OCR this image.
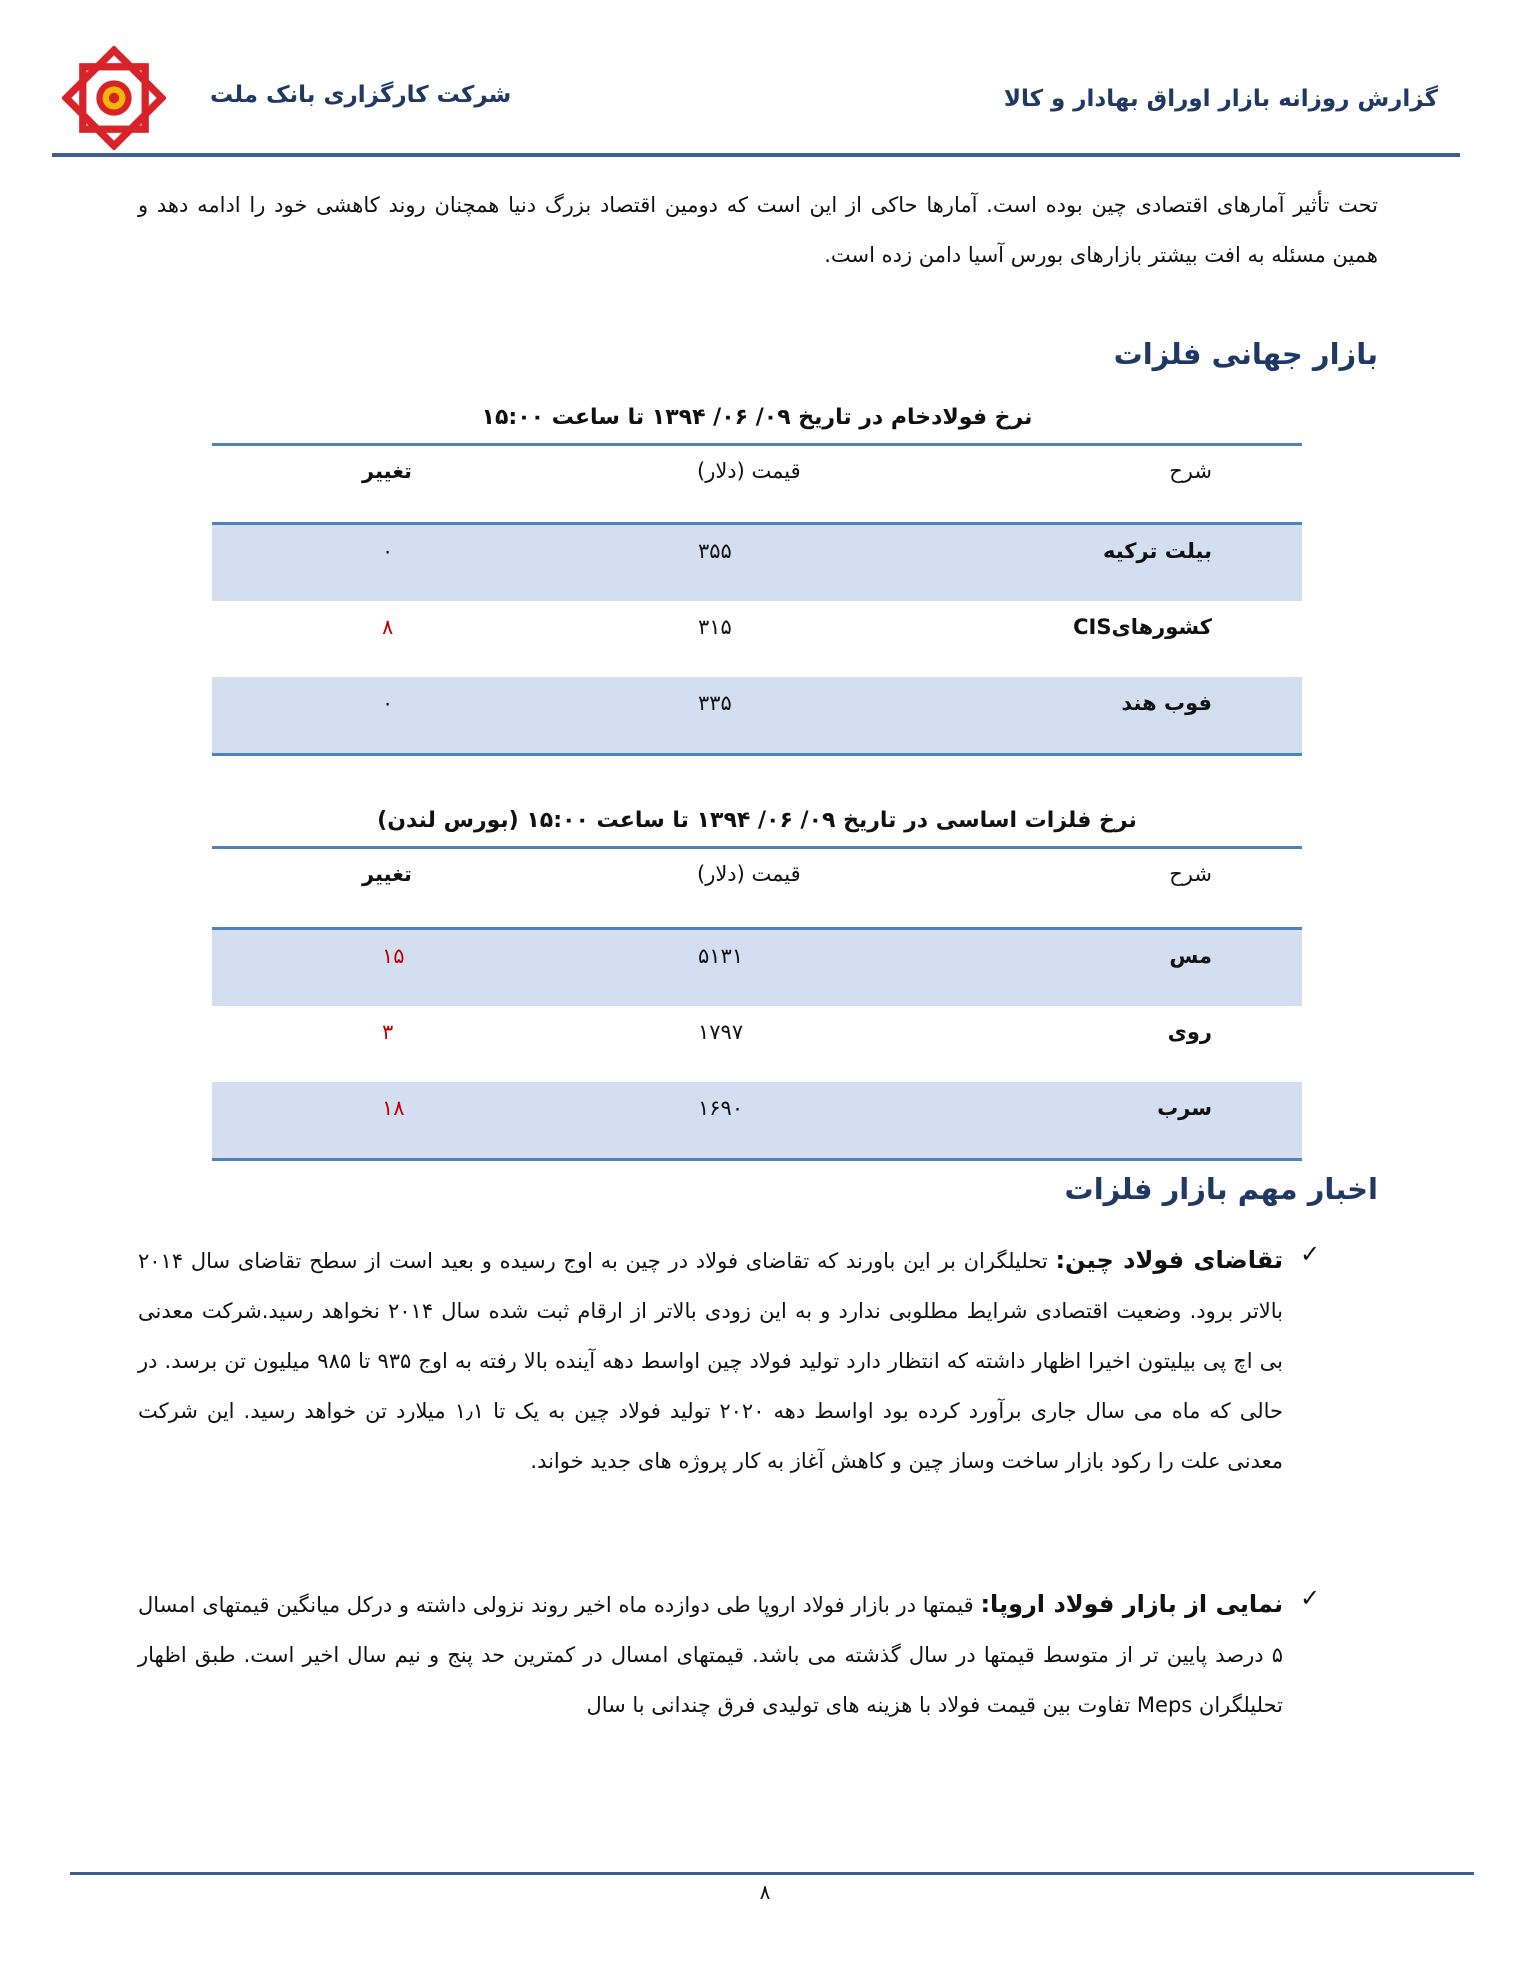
شرکت کارگزاری بانک ملت	گزارش روزانه بازار اوراق بهادار و کالا
تحت تأثیر آمارهای اقتصادی چین بوده است. آمارها حاکی از این است که دومین اقتصاد بزرگ دنیا همچنان روند کاهشی خود را ادامه دهد و همین مسئله به افت بیشتر بازارهای بورس آسیا دامن زده است.
بازار جهانی فلزات
نرخ فولادخام در تاریخ ۰۹/ ۰۶/ ۱۳۹۴ تا ساعت ۱۵:۰۰
شرح
قیمت (دلار)
تغییر
بیلت ترکیه
۳۵۵
۰
کشورهایCIS
۳۱۵
۸
فوب هند
۳۳۵
۰
نرخ فلزات اساسی در تاریخ ۰۹/ ۰۶/ ۱۳۹۴ تا ساعت ۱۵:۰۰ (بورس لندن)
شرح
قیمت (دلار)
تغییر
مس
۵۱۳۱
۱۵
روی
۱۷۹۷
۳
سرب
۱۶۹۰
۱۸
اخبار مهم بازار فلزات
✓
تقاضای فولاد چین: تحلیلگران بر این باورند که تقاضای فولاد در چین به اوج رسیده و بعید است از سطح تقاضای سال ۲۰۱۴ بالاتر برود. وضعیت اقتصادی شرایط مطلوبی ندارد و به این زودی بالاتر از ارقام ثبت شده سال ۲۰۱۴ نخواهد رسید.شرکت معدنی بی اچ پی بیلیتون اخیرا اظهار داشته که انتظار دارد تولید فولاد چین اواسط دهه آینده بالا رفته به اوج ۹۳۵ تا ۹۸۵ میلیون تن برسد. در حالی که ماه می سال جاری برآورد کرده بود اواسط دهه ۲۰۲۰ تولید فولاد چین به یک تا ۱٫۱ میلارد تن خواهد رسید. این شرکت معدنی علت را رکود بازار ساخت وساز چین و کاهش آغاز به کار پروژه های جدید خواند.
✓
نمایی از بازار فولاد اروپا: قیمتها در بازار فولاد اروپا طی دوازده ماه اخیر روند نزولی داشته و درکل میانگین قیمتهای امسال ۵ درصد پایین تر از متوسط قیمتها در سال گذشته می باشد. قیمتهای امسال در کمترین حد پنج و نیم سال اخیر است. طبق اظهار تحلیلگران Meps تفاوت بین قیمت فولاد با هزینه های تولیدی فرق چندانی با سال
۸
